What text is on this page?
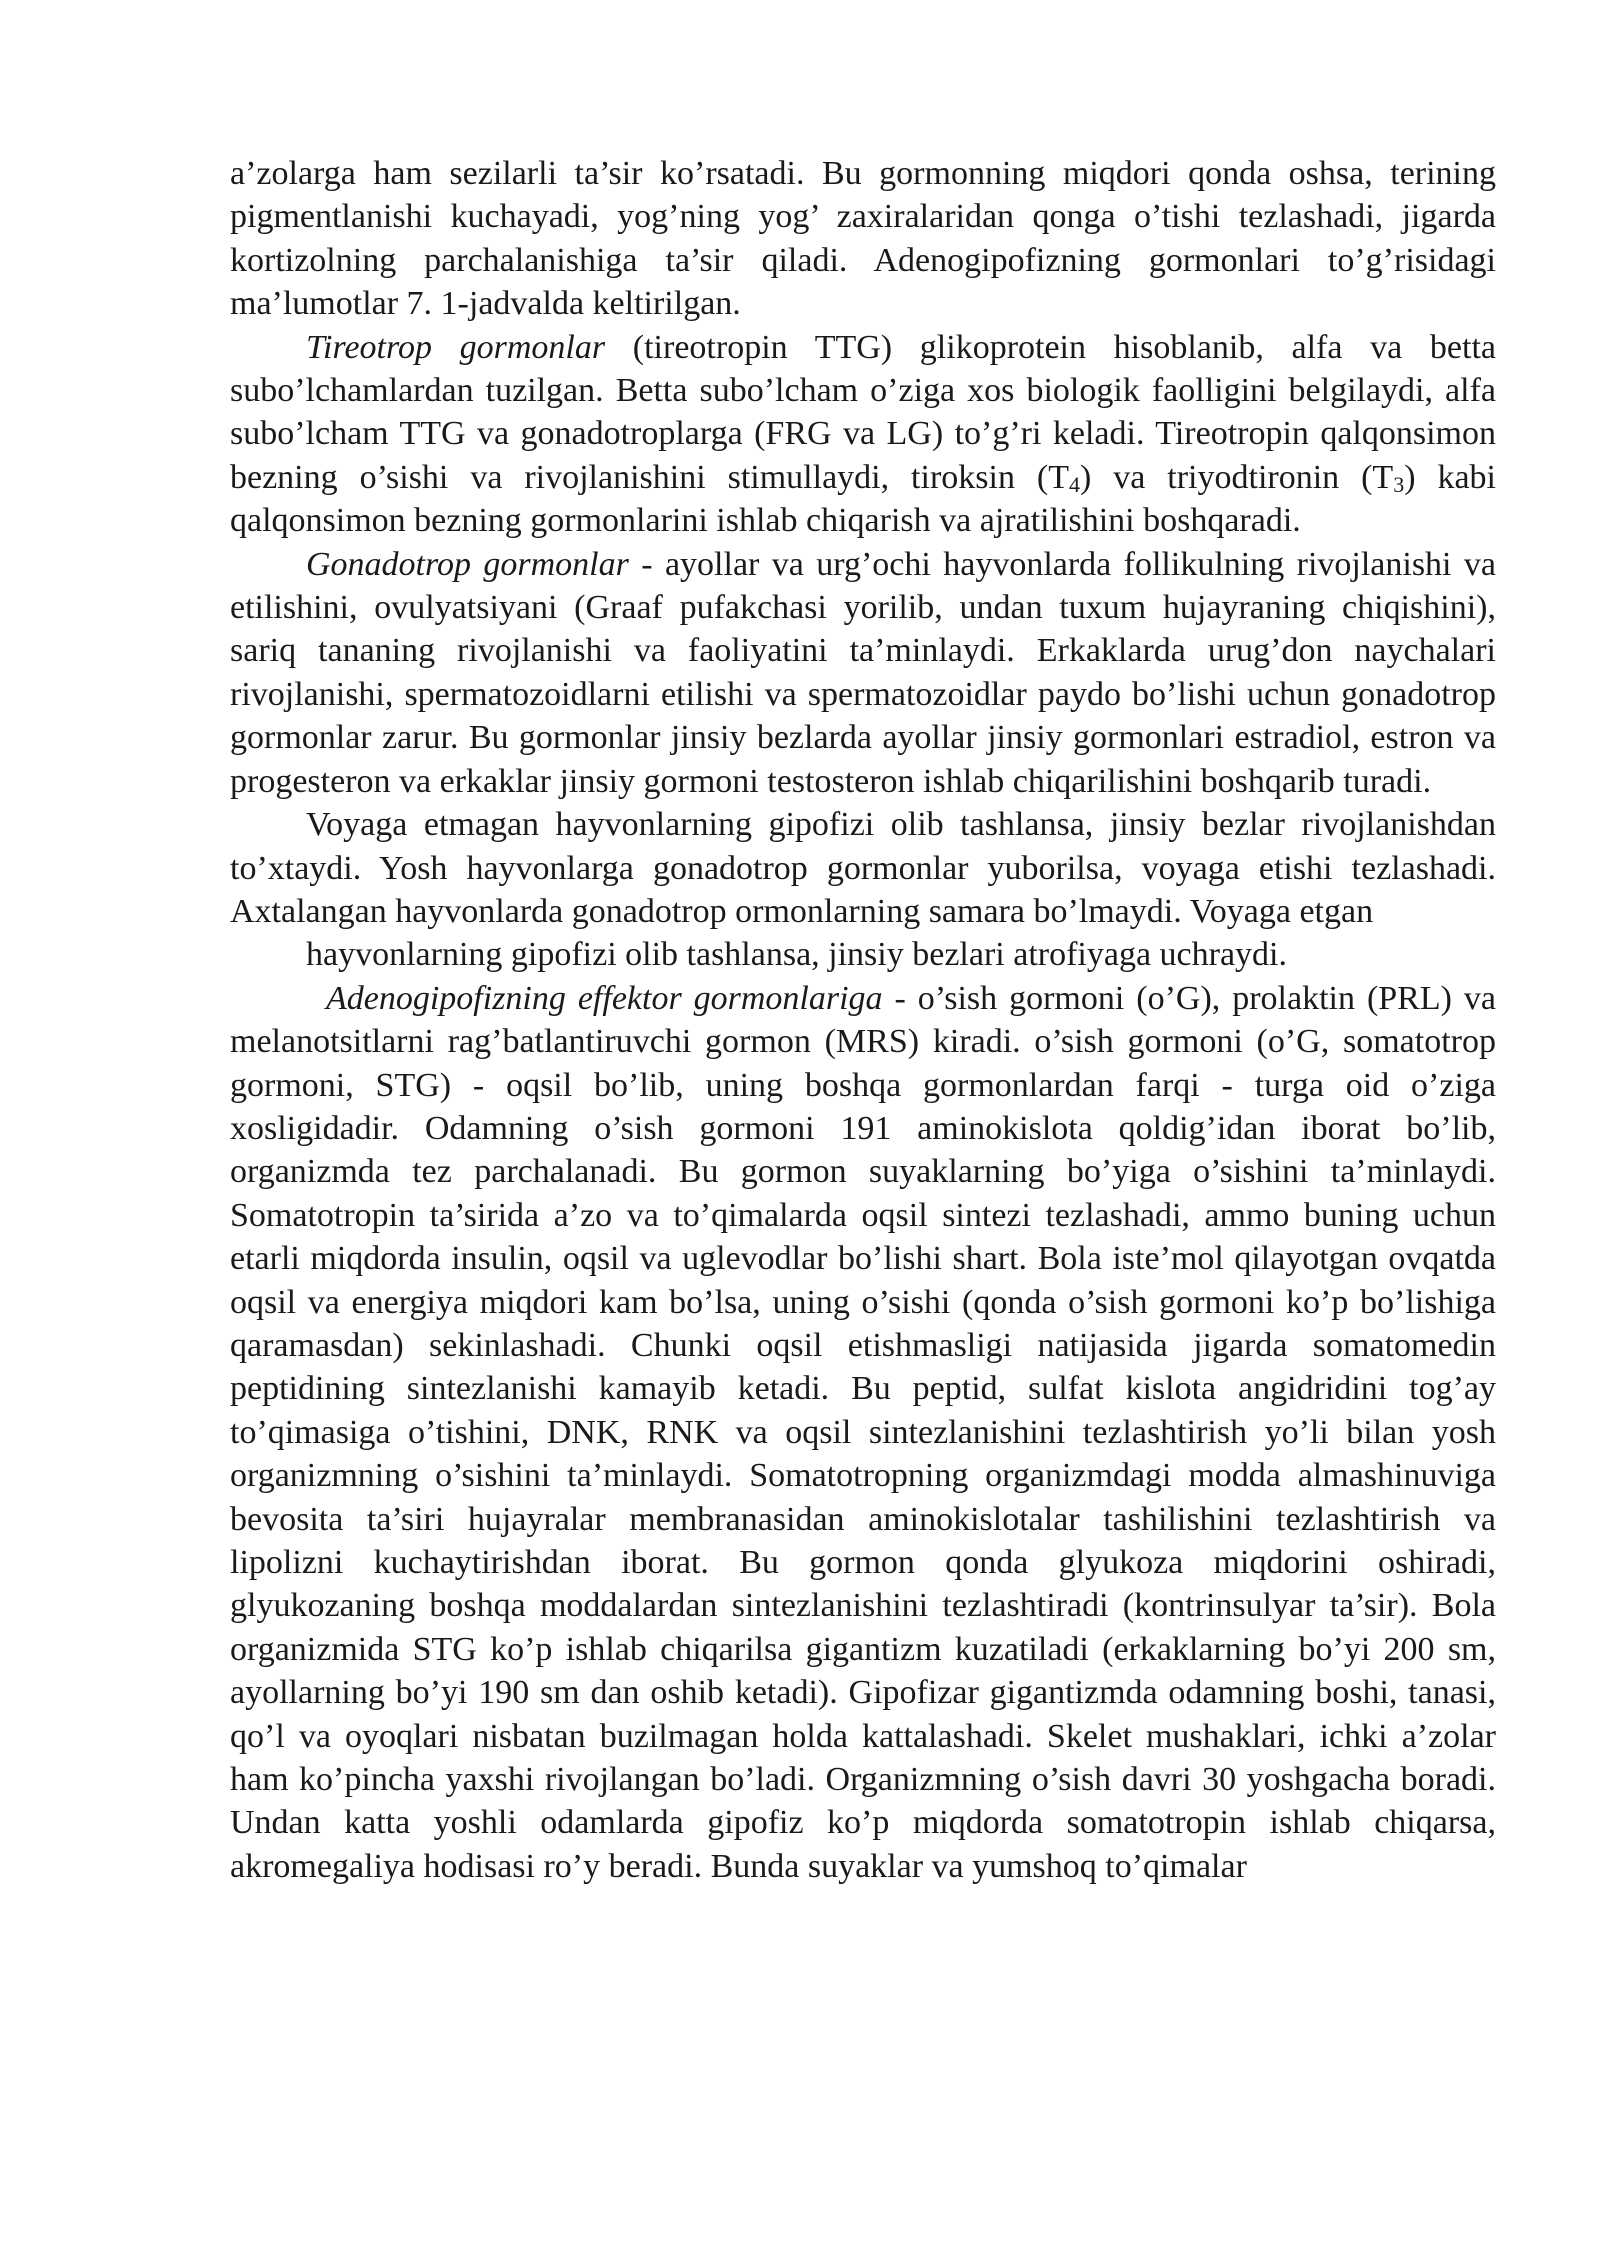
a’zolarga ham sezilarli ta’sir ko’rsatadi. Bu gormonning miqdori qonda oshsa, terining pigmentlanishi kuchayadi, yog’ning yog’ zaxiralaridan qonga o’tishi tezlashadi, jigarda kortizolning parchalanishiga ta’sir qiladi. Adenogipofizning gormonlari to’g’risidagi ma’lumotlar 7. 1-jadvalda keltirilgan.

Tireotrop gormonlar (tireotropin TTG) glikoprotein hisoblanib, alfa va betta subo’lchamlardan tuzilgan. Betta subo’lcham o’ziga xos biologik faolligini belgilaydi, alfa subo’lcham TTG va gonadotroplarga (FRG va LG) to’g’ri keladi. Tireotropin qalqonsimon bezning o’sishi va rivojlanishini stimullaydi, tiroksin $(T_4)$ va triyodtironin $(T_3)$ kabi qalqonsimon bezning gormonlarini ishlab chiqarish va ajratilishini boshqaradi.

Gonadotrop gormonlar - ayollar va urg’ochi hayvonlarda follikulning rivojlanishi va etilishini, ovulyatsiyani (Graaf pufakchasi yorilib, undan tuxum hujayraning chiqishini), sariq tananing rivojlanishi va faoliyatini ta’minlaydi. Erkaklarda urug’don naychalari rivojlanishi, spermatozoidlarni etilishi va spermatozoidlar paydo bo’lishi uchun gonadotrop gormonlar zarur. Bu gormonlar jinsiy bezlarda ayollar jinsiy gormonlari estradiol, estron va progesteron va erkaklar jinsiy gormoni testosteron ishlab chiqarilishini boshqarib turadi.

Voyaga etmagan hayvonlarning gipofizi olib tashlansa, jinsiy bezlar rivojlanishdan to’xtaydi. Yosh hayvonlarga gonadotrop gormonlar yuborilsa, voyaga etishi tezlashadi. Axtalangan hayvonlarda gonadotrop ormonlarning samara bo’lmaydi. Voyaga etgan

hayvonlarning gipofizi olib tashlansa, jinsiy bezlari atrofiyaga uchraydi.

Adenogipofizning effektor gormonlariga - o’sish gormoni (o’G), prolaktin (PRL) va melanotsitlarni rag’batlantiruvchi gormon (MRS) kiradi. o’sish gormoni (o’G, somatotrop gormoni, STG) - oqsil bo’lib, uning boshqa gormonlardan farqi - turga oid o’ziga xosligidadir. Odamning o’sish gormoni 191 aminokislota qoldig’idan iborat bo’lib, organizmda tez parchalanadi. Bu gormon suyaklarning bo’yiga o’sishini ta’minlaydi. Somatotropin ta’sirida a’zo va to’qimalarda oqsil sintezi tezlashadi, ammo buning uchun etarli miqdorda insulin, oqsil va uglevodlar bo’lishi shart. Bola iste’mol qilayotgan ovqatda oqsil va energiya miqdori kam bo’lsa, uning o’sishi (qonda o’sish gormoni ko’p bo’lishiga qaramasdan) sekinlashadi. Chunki oqsil etishmasligi natijasida jigarda somatomedin peptidining sintezlanishi kamayib ketadi. Bu peptid, sulfat kislota angidridini tog’ay to’qimasiga o’tishini, DNK, RNK va oqsil sintezlanishini tezlashtirish yo’li bilan yosh organizmning o’sishini ta’minlaydi. Somatotropning organizmdagi modda almashinuviga bevosita ta’siri hujayralar membranasidan aminokislotalar tashilishini tezlashtirish va lipolizni kuchaytirishdan iborat. Bu gormon qonda glyukoza miqdorini oshiradi, glyukozaning boshqa moddalardan sintezlanishini tezlashtiradi (kontrinsulyar ta’sir). Bola organizmida STG ko’p ishlab chiqarilsa gigantizm kuzatiladi (erkaklarning bo’yi 200 sm, ayollarning bo’yi 190 sm dan oshib ketadi). Gipofizar gigantizmda odamning boshi, tanasi, qo’l va oyoqlari nisbatan buzilmagan holda kattalashadi. Skelet mushaklari, ichki a’zolar ham ko’pincha yaxshi rivojlangan bo’ladi. Organizmning o’sish davri 30 yoshgacha boradi. Undan katta yoshli odamlarda gipofiz ko’p miqdorda somatotropin ishlab chiqarsa, akromegaliya hodisasi ro’y beradi. Bunda suyaklar va yumshoq to’qimalar
